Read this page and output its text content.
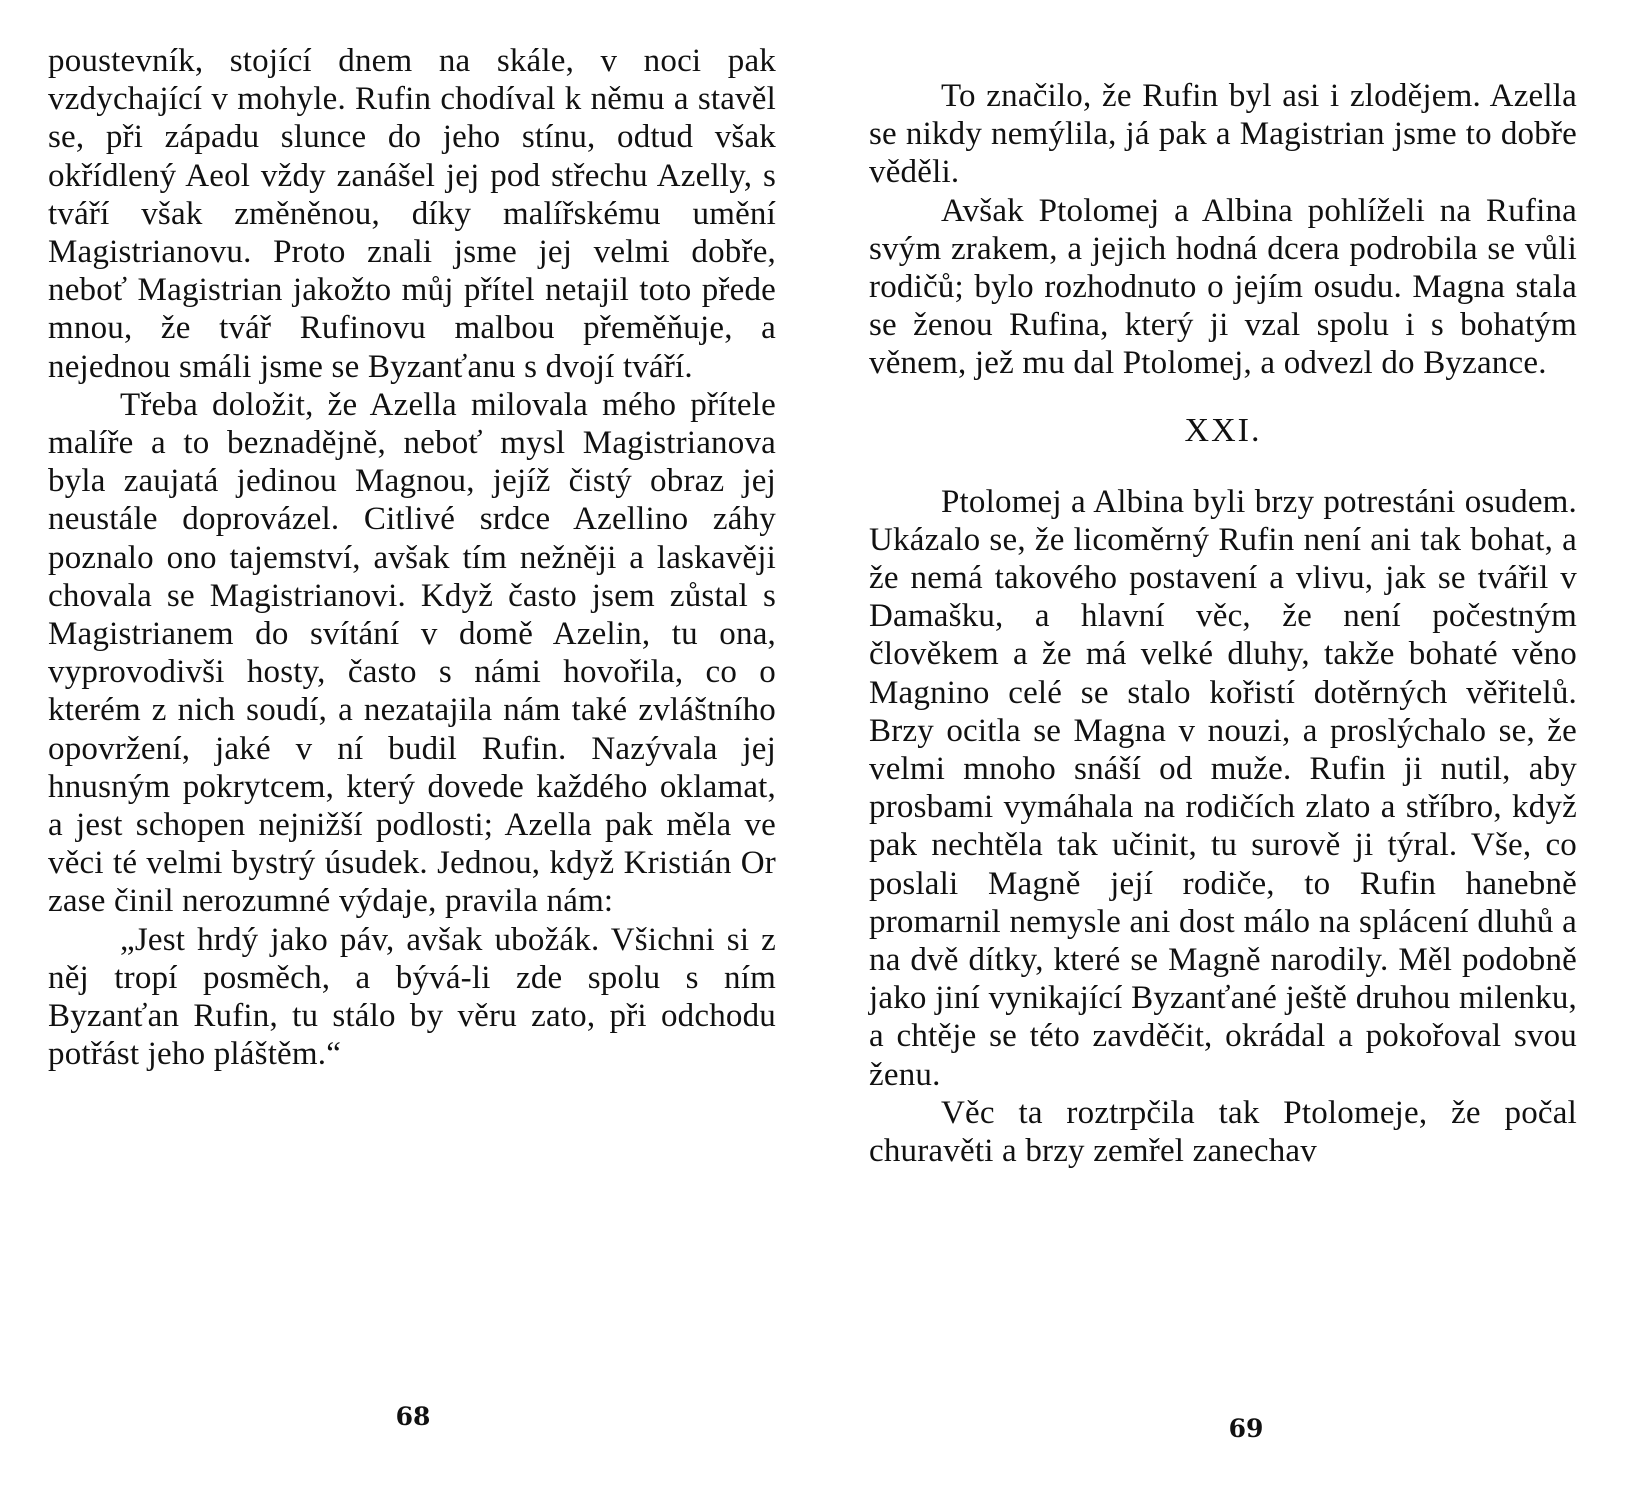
poustevník, stojící dnem na skále, v noci pak vzdychající v mohyle. Rufin chodíval k němu a stavěl se, při západu slunce do jeho stínu, odtud však okřídlený Aeol vždy zanášel jej pod střechu Azelly, s tváří však změněnou, díky malířskému umění Magistrianovu. Proto znali jsme jej velmi dobře, neboť Magistrian jakožto můj přítel netajil toto přede mnou, že tvář Rufinovu malbou přeměňuje, a nejednou smáli jsme se Byzanťanu s dvojí tváří.

Třeba doložit, že Azella milovala mého přítele malíře a to beznadějně, neboť mysl Magistrianova byla zaujatá jedinou Magnou, jejíž čistý obraz jej neustále doprovázel. Citlivé srdce Azellino záhy poznalo ono tajemství, avšak tím nežněji a laskavěji chovala se Magistrianovi. Když často jsem zůstal s Magistrianem do svítání v domě Azelin, tu ona, vyprovodivši hosty, často s námi hovořila, co o kterém z nich soudí, a nezatajila nám také zvláštního opovržení, jaké v ní budil Rufin. Nazývala jej hnusným pokrytcem, který dovede každého oklamat, a jest schopen nejnižší podlosti; Azella pak měla ve věci té velmi bystrý úsudek. Jednou, když Kristián Or zase činil nerozumné výdaje, pravila nám:

„Jest hrdý jako páv, avšak ubožák. Všichni si z něj tropí posměch, a bývá-li zde spolu s ním Byzanťan Rufin, tu stálo by věru zato, při odchodu potřást jeho pláštěm.“

68

To značilo, že Rufin byl asi i zlodějem. Azella se nikdy nemýlila, já pak a Magistrian jsme to dobře věděli.

Avšak Ptolomej a Albina pohlíželi na Rufina svým zrakem, a jejich hodná dcera podrobila se vůli rodičů; bylo rozhodnuto o jejím osudu. Magna stala se ženou Rufina, který ji vzal spolu i s bohatým věnem, jež mu dal Ptolomej, a odvezl do Byzance.

XXI.

Ptolomej a Albina byli brzy potrestáni osudem. Ukázalo se, že licoměrný Rufin není ani tak bohat, a že nemá takového postavení a vlivu, jak se tvářil v Damašku, a hlavní věc, že není počestným člověkem a že má velké dluhy, takže bohaté věno Magnino celé se stalo kořistí dotěrných věřitelů. Brzy ocitla se Magna v nouzi, a proslýchalo se, že velmi mnoho snáší od muže. Rufin ji nutil, aby prosbami vymáhala na rodičích zlato a stříbro, když pak nechtěla tak učinit, tu surově ji týral. Vše, co poslali Magně její rodiče, to Rufin hanebně promarnil nemysle ani dost málo na splácení dluhů a na dvě dítky, které se Magně narodily. Měl podobně jako jiní vynikající Byzanťané ještě druhou milenku, a chtěje se této zavděčit, okrádal a pokořoval svou ženu.

Věc ta roztrpčila tak Ptolomeje, že počal churavěti a brzy zemřel zanechav

69
